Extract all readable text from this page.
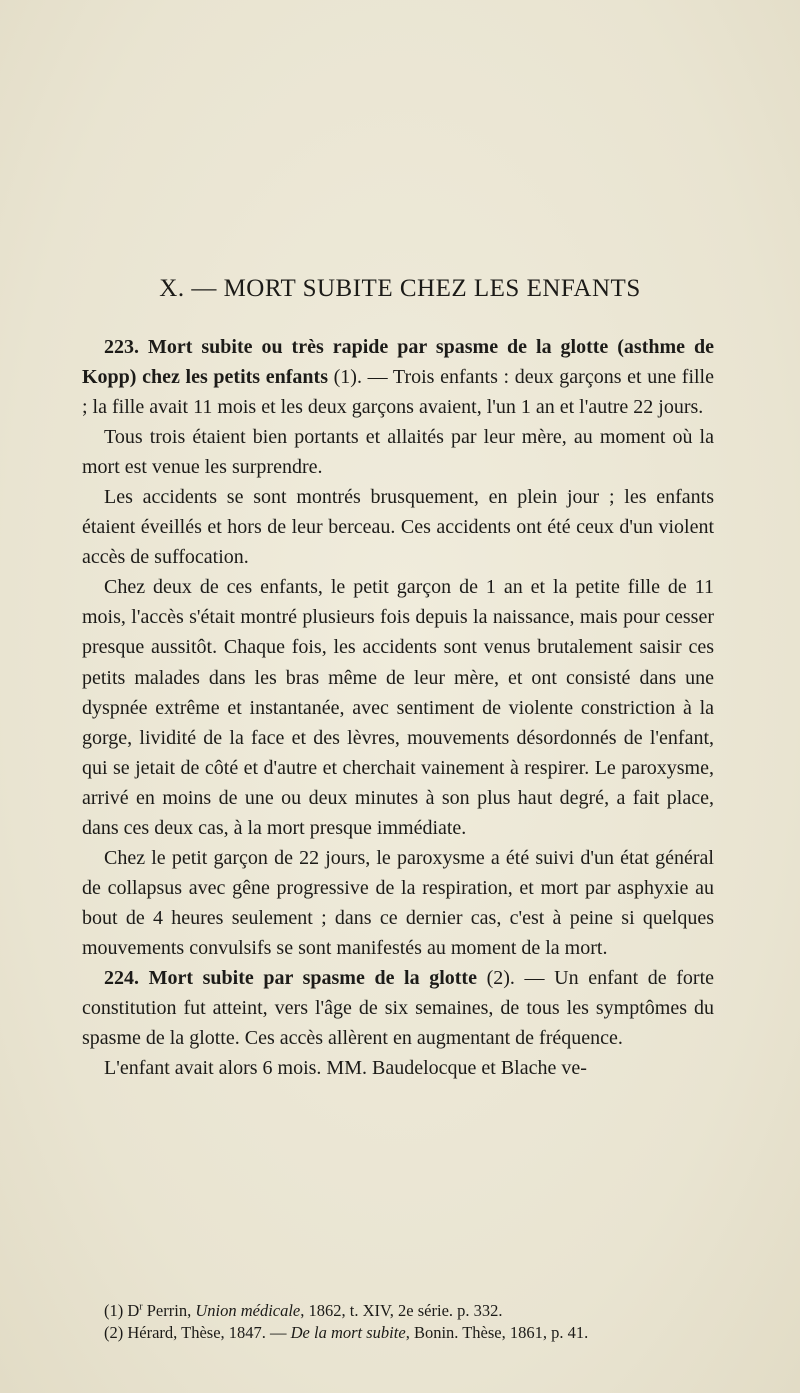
X. — MORT SUBITE CHEZ LES ENFANTS

223. Mort subite ou très rapide par spasme de la glotte (asthme de Kopp) chez les petits enfants (1). — Trois enfants : deux garçons et une fille ; la fille avait 11 mois et les deux garçons avaient, l'un 1 an et l'autre 22 jours.

Tous trois étaient bien portants et allaités par leur mère, au moment où la mort est venue les surprendre.

Les accidents se sont montrés brusquement, en plein jour ; les enfants étaient éveillés et hors de leur berceau. Ces accidents ont été ceux d'un violent accès de suffocation.

Chez deux de ces enfants, le petit garçon de 1 an et la petite fille de 11 mois, l'accès s'était montré plusieurs fois depuis la naissance, mais pour cesser presque aussitôt. Chaque fois, les accidents sont venus brutalement saisir ces petits malades dans les bras même de leur mère, et ont consisté dans une dyspnée extrême et instantanée, avec sentiment de violente constriction à la gorge, lividité de la face et des lèvres, mouvements désordonnés de l'enfant, qui se jetait de côté et d'autre et cherchait vainement à respirer. Le paroxysme, arrivé en moins de une ou deux minutes à son plus haut degré, a fait place, dans ces deux cas, à la mort presque immédiate.

Chez le petit garçon de 22 jours, le paroxysme a été suivi d'un état général de collapsus avec gêne progressive de la respiration, et mort par asphyxie au bout de 4 heures seulement ; dans ce dernier cas, c'est à peine si quelques mouvements convulsifs se sont manifestés au moment de la mort.

224. Mort subite par spasme de la glotte (2). — Un enfant de forte constitution fut atteint, vers l'âge de six semaines, de tous les symptômes du spasme de la glotte. Ces accès allèrent en augmentant de fréquence.

L'enfant avait alors 6 mois. MM. Baudelocque et Blache ve-

(1) $D^r$ Perrin, Union médicale, 1862, t. XIV, 2e série. p. 332.

(2) Hérard, Thèse, 1847. — De la mort subite, Bonin. Thèse, 1861, p. 41.
